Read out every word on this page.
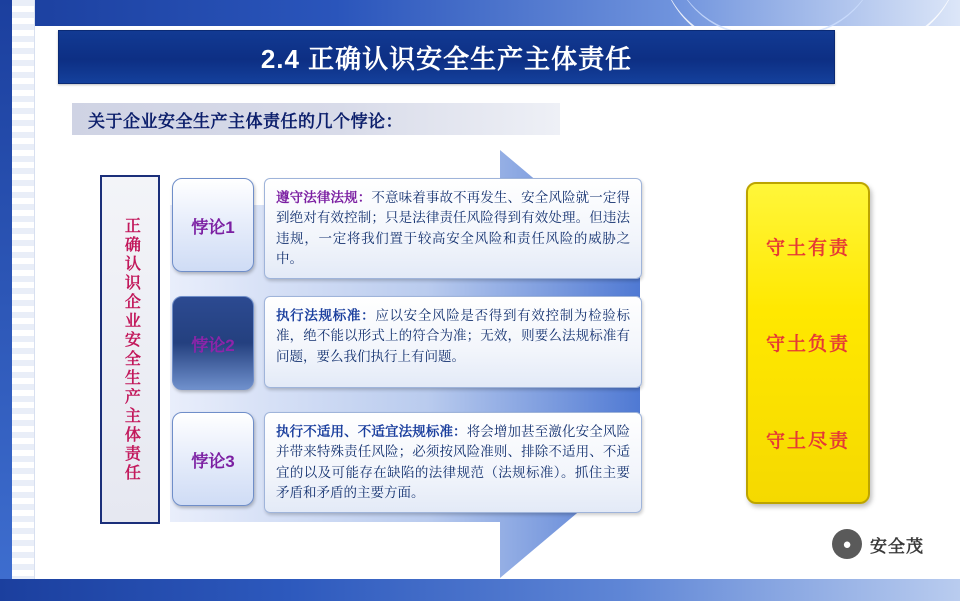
2.4 正确认识安全生产主体责任
关于企业安全生产主体责任的几个悖论：
正确认识企业安全生产主体责任	悖论1

遵守法律法规：不意味着事故不再发生、安全风险就一定得到绝对有效控制；只是法律责任风险得到有效处理。但违法违规，一定将我们置于较高安全风险和责任风险的威胁之中。

悖论2

执行法规标准：应以安全风险是否得到有效控制为检验标准，绝不能以形式上的符合为准；无效，则要么法规标准有问题，要么我们执行上有问题。

悖论3

执行不适用、不适宜法规标准：将会增加甚至激化安全风险并带来特殊责任风险；必须按风险准则、排除不适用、不适宜的以及可能存在缺陷的法律规范（法规标准）。抓住主要矛盾和矛盾的主要方面。

守土有责
守土负责
守土尽责
●	安全茂
